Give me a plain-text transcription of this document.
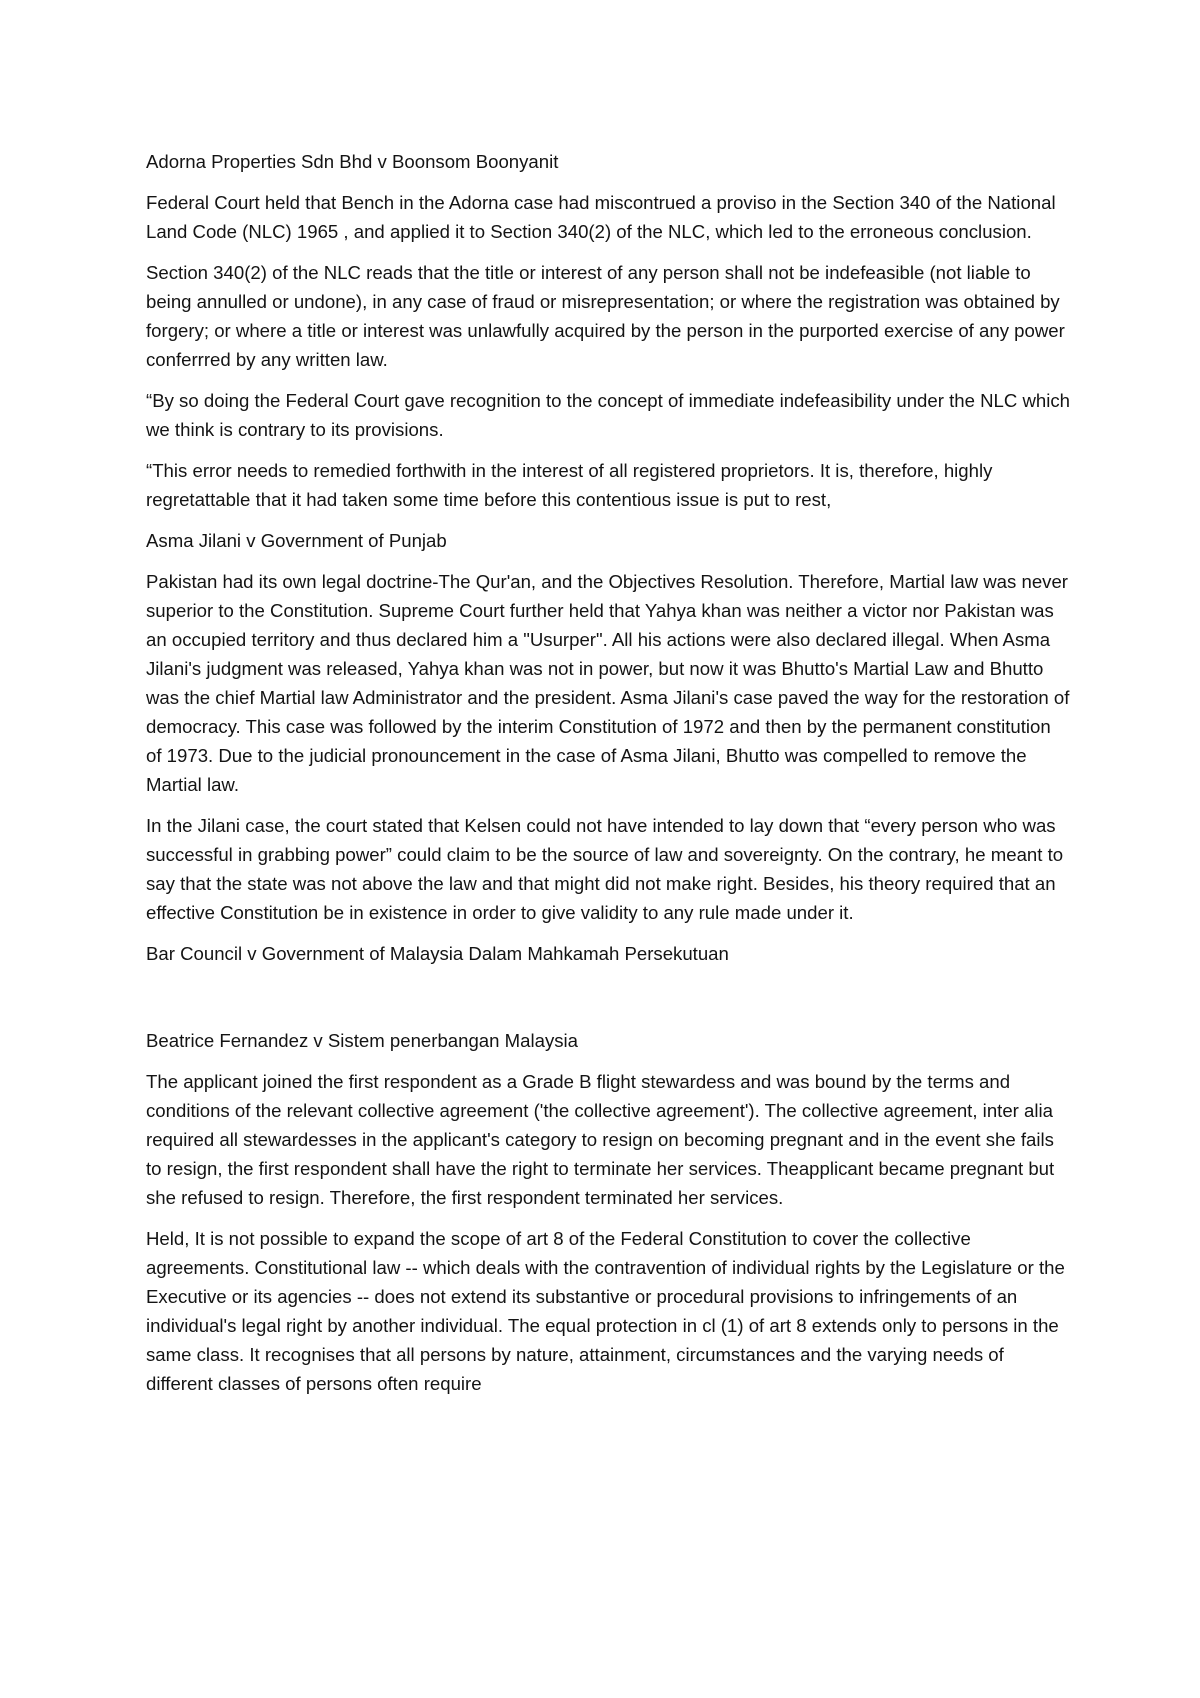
Adorna Properties Sdn Bhd v Boonsom Boonyanit

Federal Court held that Bench in the Adorna case had miscontrued a proviso in the Section 340 of the National Land Code (NLC) 1965 , and applied it to Section 340(2) of the NLC, which led to the erroneous conclusion.

Section 340(2) of the NLC reads that the title or interest of any person shall not be indefeasible (not liable to being annulled or undone), in any case of fraud or misrepresentation; or where the registration was obtained by forgery; or where a title or interest was unlawfully acquired by the person in the purported exercise of any power conferrred by any written law.

“By so doing the Federal Court gave recognition to the concept of immediate indefeasibility under the NLC which we think is contrary to its provisions.

“This error needs to remedied forthwith in the interest of all registered proprietors. It is, therefore, highly regretattable that it had taken some time before this contentious issue is put to rest,

Asma Jilani v Government of Punjab

Pakistan had its own legal doctrine-The Qur'an, and the Objectives Resolution. Therefore, Martial law was never superior to the Constitution. Supreme Court further held that Yahya khan was neither a victor nor Pakistan was an occupied territory and thus declared him a "Usurper". All his actions were also declared illegal. When Asma Jilani's judgment was released, Yahya khan was not in power, but now it was Bhutto's Martial Law and Bhutto was the chief Martial law Administrator and the president. Asma Jilani's case paved the way for the restoration of democracy. This case was followed by the interim Constitution of 1972 and then by the permanent constitution of 1973. Due to the judicial pronouncement in the case of Asma Jilani, Bhutto was compelled to remove the Martial law.

In the Jilani case, the court stated that Kelsen could not have intended to lay down that “every person who was successful in grabbing power” could claim to be the source of law and sovereignty. On the contrary, he meant to say that the state was not above the law and that might did not make right. Besides, his theory required that an effective Constitution be in existence in order to give validity to any rule made under it.

Bar Council v Government of Malaysia Dalam Mahkamah Persekutuan

Beatrice Fernandez v Sistem penerbangan Malaysia

The applicant joined the first respondent as a Grade B flight stewardess and was bound by the terms and conditions of the relevant collective agreement ('the collective agreement'). The collective agreement, inter alia required all stewardesses in the applicant's category to resign on becoming pregnant and in the event she fails to resign, the first respondent shall have the right to terminate her services. Theapplicant became pregnant but she refused to resign. Therefore, the first respondent terminated her services.

Held, It is not possible to expand the scope of art 8 of the Federal Constitution to cover the collective agreements. Constitutional law -- which deals with the contravention of individual rights by the Legislature or the Executive or its agencies -- does not extend its substantive or procedural provisions to infringements of an individual's legal right by another individual. The equal protection in cl (1) of art 8 extends only to persons in the same class. It recognises that all persons by nature, attainment, circumstances and the varying needs of different classes of persons often require
